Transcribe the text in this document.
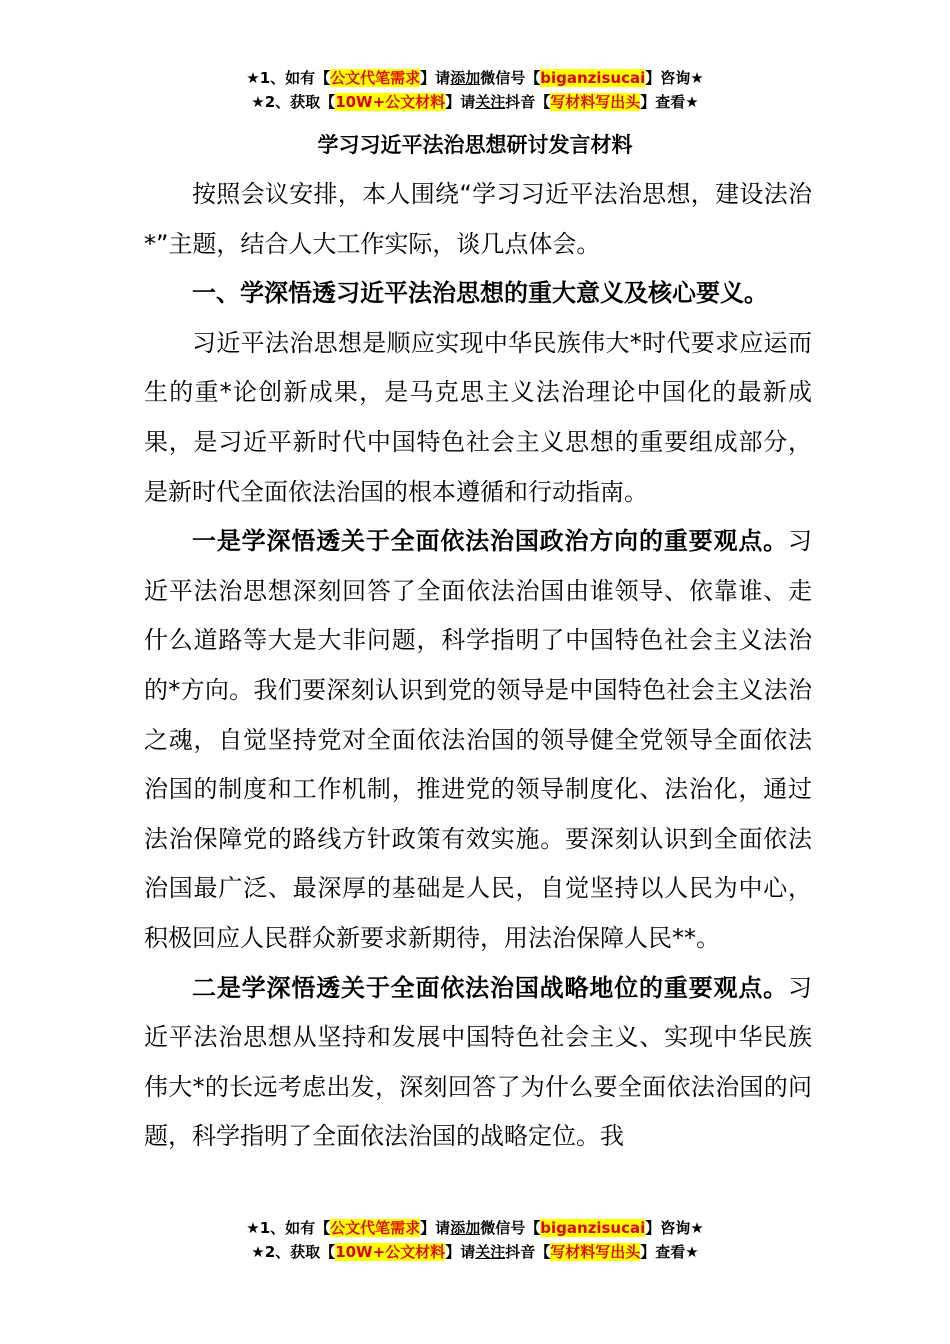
★1、如有【公文代笔需求】请添加微信号【biganzisucai】咨询★
★2、获取【10W+公文材料】请关注抖音【写材料写出头】查看★
学习习近平法治思想研讨发言材料

按照会议安排，本人围绕“学习习近平法治思想，建设法治*”主题，结合人大工作实际，谈几点体会。

一、学深悟透习近平法治思想的重大意义及核心要义。

习近平法治思想是顺应实现中华民族伟大*时代要求应运而生的重*论创新成果，是马克思主义法治理论中国化的最新成果，是习近平新时代中国特色社会主义思想的重要组成部分，是新时代全面依法治国的根本遵循和行动指南。

一是学深悟透关于全面依法治国政治方向的重要观点。习近平法治思想深刻回答了全面依法治国由谁领导、依靠谁、走什么道路等大是大非问题，科学指明了中国特色社会主义法治的*方向。我们要深刻认识到党的领导是中国特色社会主义法治之魂，自觉坚持党对全面依法治国的领导健全党领导全面依法治国的制度和工作机制，推进党的领导制度化、法治化，通过法治保障党的路线方针政策有效实施。要深刻认识到全面依法治国最广泛、最深厚的基础是人民，自觉坚持以人民为中心，积极回应人民群众新要求新期待，用法治保障人民**。

二是学深悟透关于全面依法治国战略地位的重要观点。习近平法治思想从坚持和发展中国特色社会主义、实现中华民族伟大*的长远考虑出发，深刻回答了为什么要全面依法治国的问题，科学指明了全面依法治国的战略定位。我

★1、如有【公文代笔需求】请添加微信号【biganzisucai】咨询★
★2、获取【10W+公文材料】请关注抖音【写材料写出头】查看★
